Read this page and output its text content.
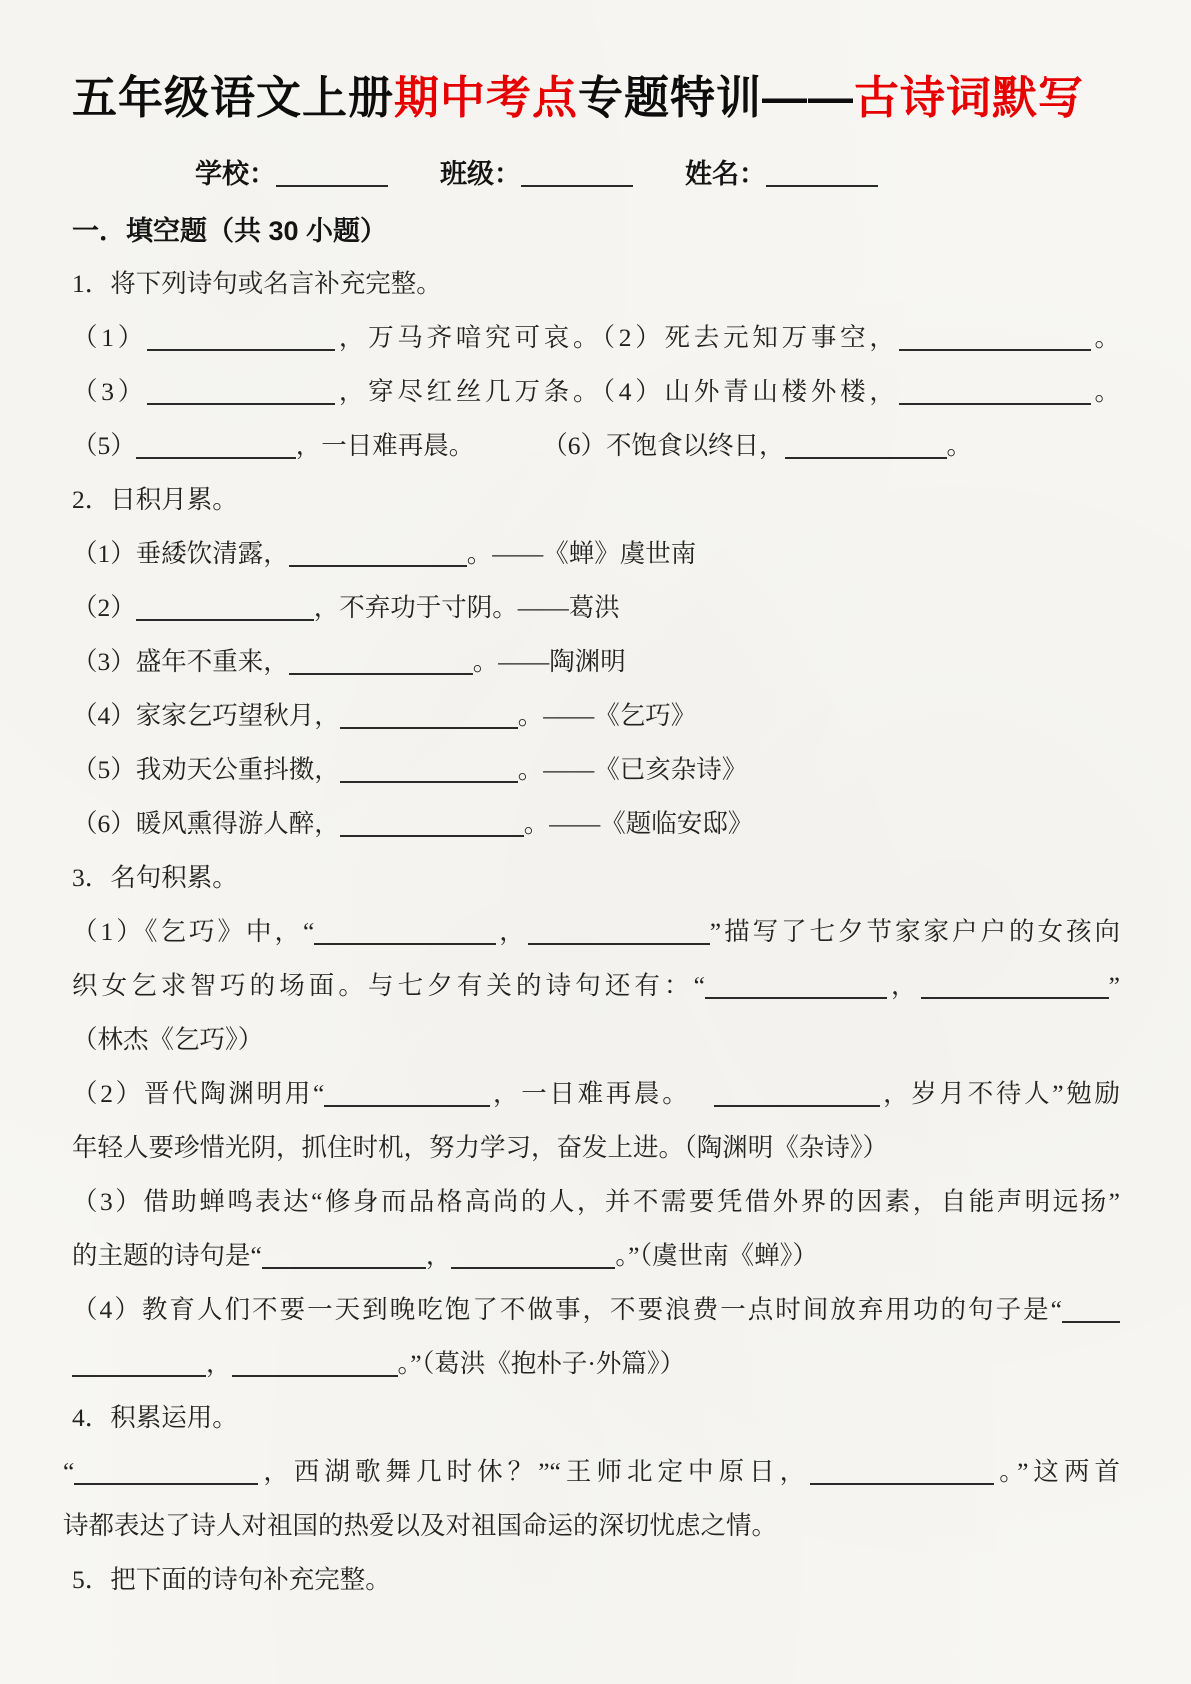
五年级语文上册期中考点专题特训——古诗词默写
学校：	班级：	姓名：
一．填空题（共 30 小题）
1．将下列诗句或名言补充完整。
（1）	，万马齐喑究可哀。（2）死去元知万事空，	。
（3）	，穿尽红丝几万条。（4）山外青山楼外楼，	。
（5）	，一日难再晨。	（6）不饱食以终日，	。
2．日积月累。
（1）垂緌饮清露，	。——《蝉》虞世南
（2）	，不弃功于寸阴。——葛洪
（3）盛年不重来，	。——陶渊明
（4）家家乞巧望秋月，	。——《乞巧》
（5）我劝天公重抖擞，	。——《已亥杂诗》
（6）暖风熏得游人醉，	。——《题临安邸》
3．名句积累。
（1）《乞巧》中，“	，	”描写了七夕节家家户户的女孩向
织女乞求智巧的场面。与七夕有关的诗句还有：“	，	”
（林杰《乞巧》）
（2）晋代陶渊明用“	，一日难再晨。	，岁月不待人”勉励
年轻人要珍惜光阴，抓住时机，努力学习，奋发上进。（陶渊明《杂诗》）
（3）借助蝉鸣表达“修身而品格高尚的人，并不需要凭借外界的因素，自能声明远扬”
的主题的诗句是“	，	。”（虞世南《蝉》）
（4）教育人们不要一天到晚吃饱了不做事，不要浪费一点时间放弃用功的句子是“
，	。”（葛洪《抱朴子·外篇》）
4．积累运用。
“	，西湖歌舞几时休？”“王师北定中原日，	。”这两首
诗都表达了诗人对祖国的热爱以及对祖国命运的深切忧虑之情。
5．把下面的诗句补充完整。
